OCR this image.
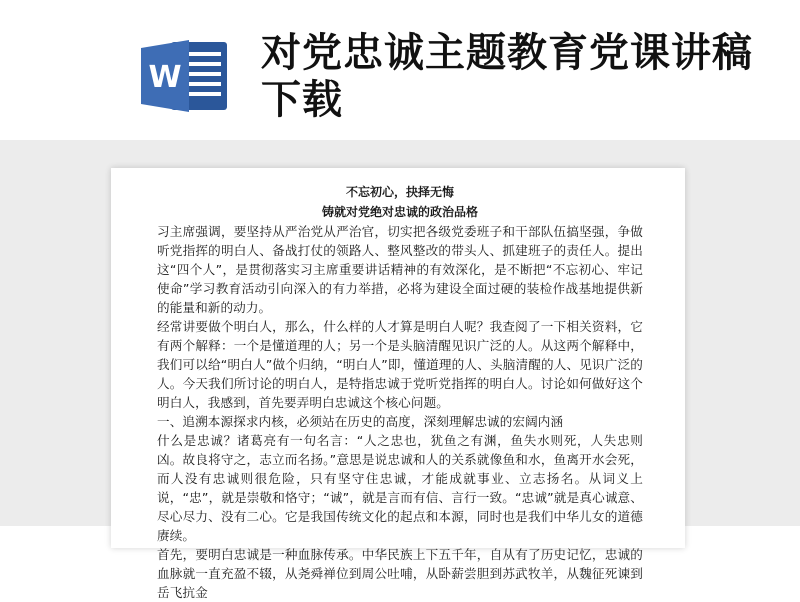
W
对党忠诚主题教育党课讲稿下载

不忘初心，抉择无悔

铸就对党绝对忠诚的政治品格

习主席强调，要坚持从严治党从严治官，切实把各级党委班子和干部队伍搞坚强，争做听党指挥的明白人、备战打仗的领路人、整风整改的带头人、抓建班子的责任人。提出这“四个人”，是贯彻落实习主席重要讲话精神的有效深化，是不断把“不忘初心、牢记使命”学习教育活动引向深入的有力举措，必将为建设全面过硬的装检作战基地提供新的能量和新的动力。

经常讲要做个明白人，那么，什么样的人才算是明白人呢？我查阅了一下相关资料，它有两个解释：一个是懂道理的人；另一个是头脑清醒见识广泛的人。从这两个解释中，我们可以给“明白人”做个归纳，“明白人”即，懂道理的人、头脑清醒的人、见识广泛的人。今天我们所讨论的明白人，是特指忠诚于党听党指挥的明白人。讨论如何做好这个明白人，我感到，首先要弄明白忠诚这个核心问题。

一、追溯本源探求内核，必须站在历史的高度，深刻理解忠诚的宏阔内涵

什么是忠诚？诸葛亮有一句名言：“人之忠也，犹鱼之有渊，鱼失水则死，人失忠则凶。故良将守之，志立而名扬。”意思是说忠诚和人的关系就像鱼和水，鱼离开水会死，而人没有忠诚则很危险，只有坚守住忠诚，才能成就事业、立志扬名。从词义上说，“忠”，就是崇敬和恪守；“诚”，就是言而有信、言行一致。“忠诚”就是真心诚意、尽心尽力、没有二心。它是我国传统文化的起点和本源，同时也是我们中华儿女的道德赓续。

首先，要明白忠诚是一种血脉传承。中华民族上下五千年，自从有了历史记忆，忠诚的血脉就一直充盈不辍，从尧舜禅位到周公吐哺，从卧薪尝胆到苏武牧羊，从魏征死谏到岳飞抗金
